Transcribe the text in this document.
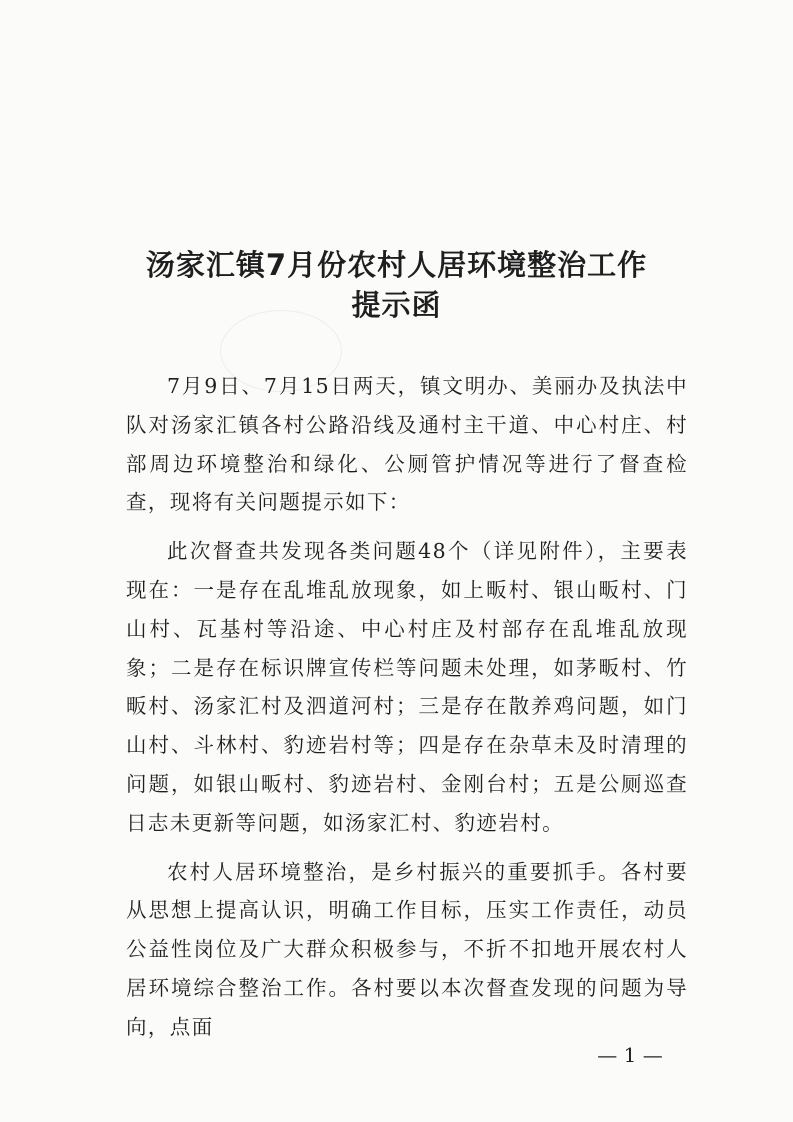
汤家汇镇7月份农村人居环境整治工作
提示函

7月9日、7月15日两天，镇文明办、美丽办及执法中队对汤家汇镇各村公路沿线及通村主干道、中心村庄、村部周边环境整治和绿化、公厕管护情况等进行了督查检查，现将有关问题提示如下：

此次督查共发现各类问题48个（详见附件），主要表现在：一是存在乱堆乱放现象，如上畈村、银山畈村、门山村、瓦基村等沿途、中心村庄及村部存在乱堆乱放现象；二是存在标识牌宣传栏等问题未处理，如茅畈村、竹畈村、汤家汇村及泗道河村；三是存在散养鸡问题，如门山村、斗林村、豹迹岩村等；四是存在杂草未及时清理的问题，如银山畈村、豹迹岩村、金刚台村；五是公厕巡查日志未更新等问题，如汤家汇村、豹迹岩村。

农村人居环境整治，是乡村振兴的重要抓手。各村要从思想上提高认识，明确工作目标，压实工作责任，动员公益性岗位及广大群众积极参与，不折不扣地开展农村人居环境综合整治工作。各村要以本次督查发现的问题为导向，点面

— 1 —
